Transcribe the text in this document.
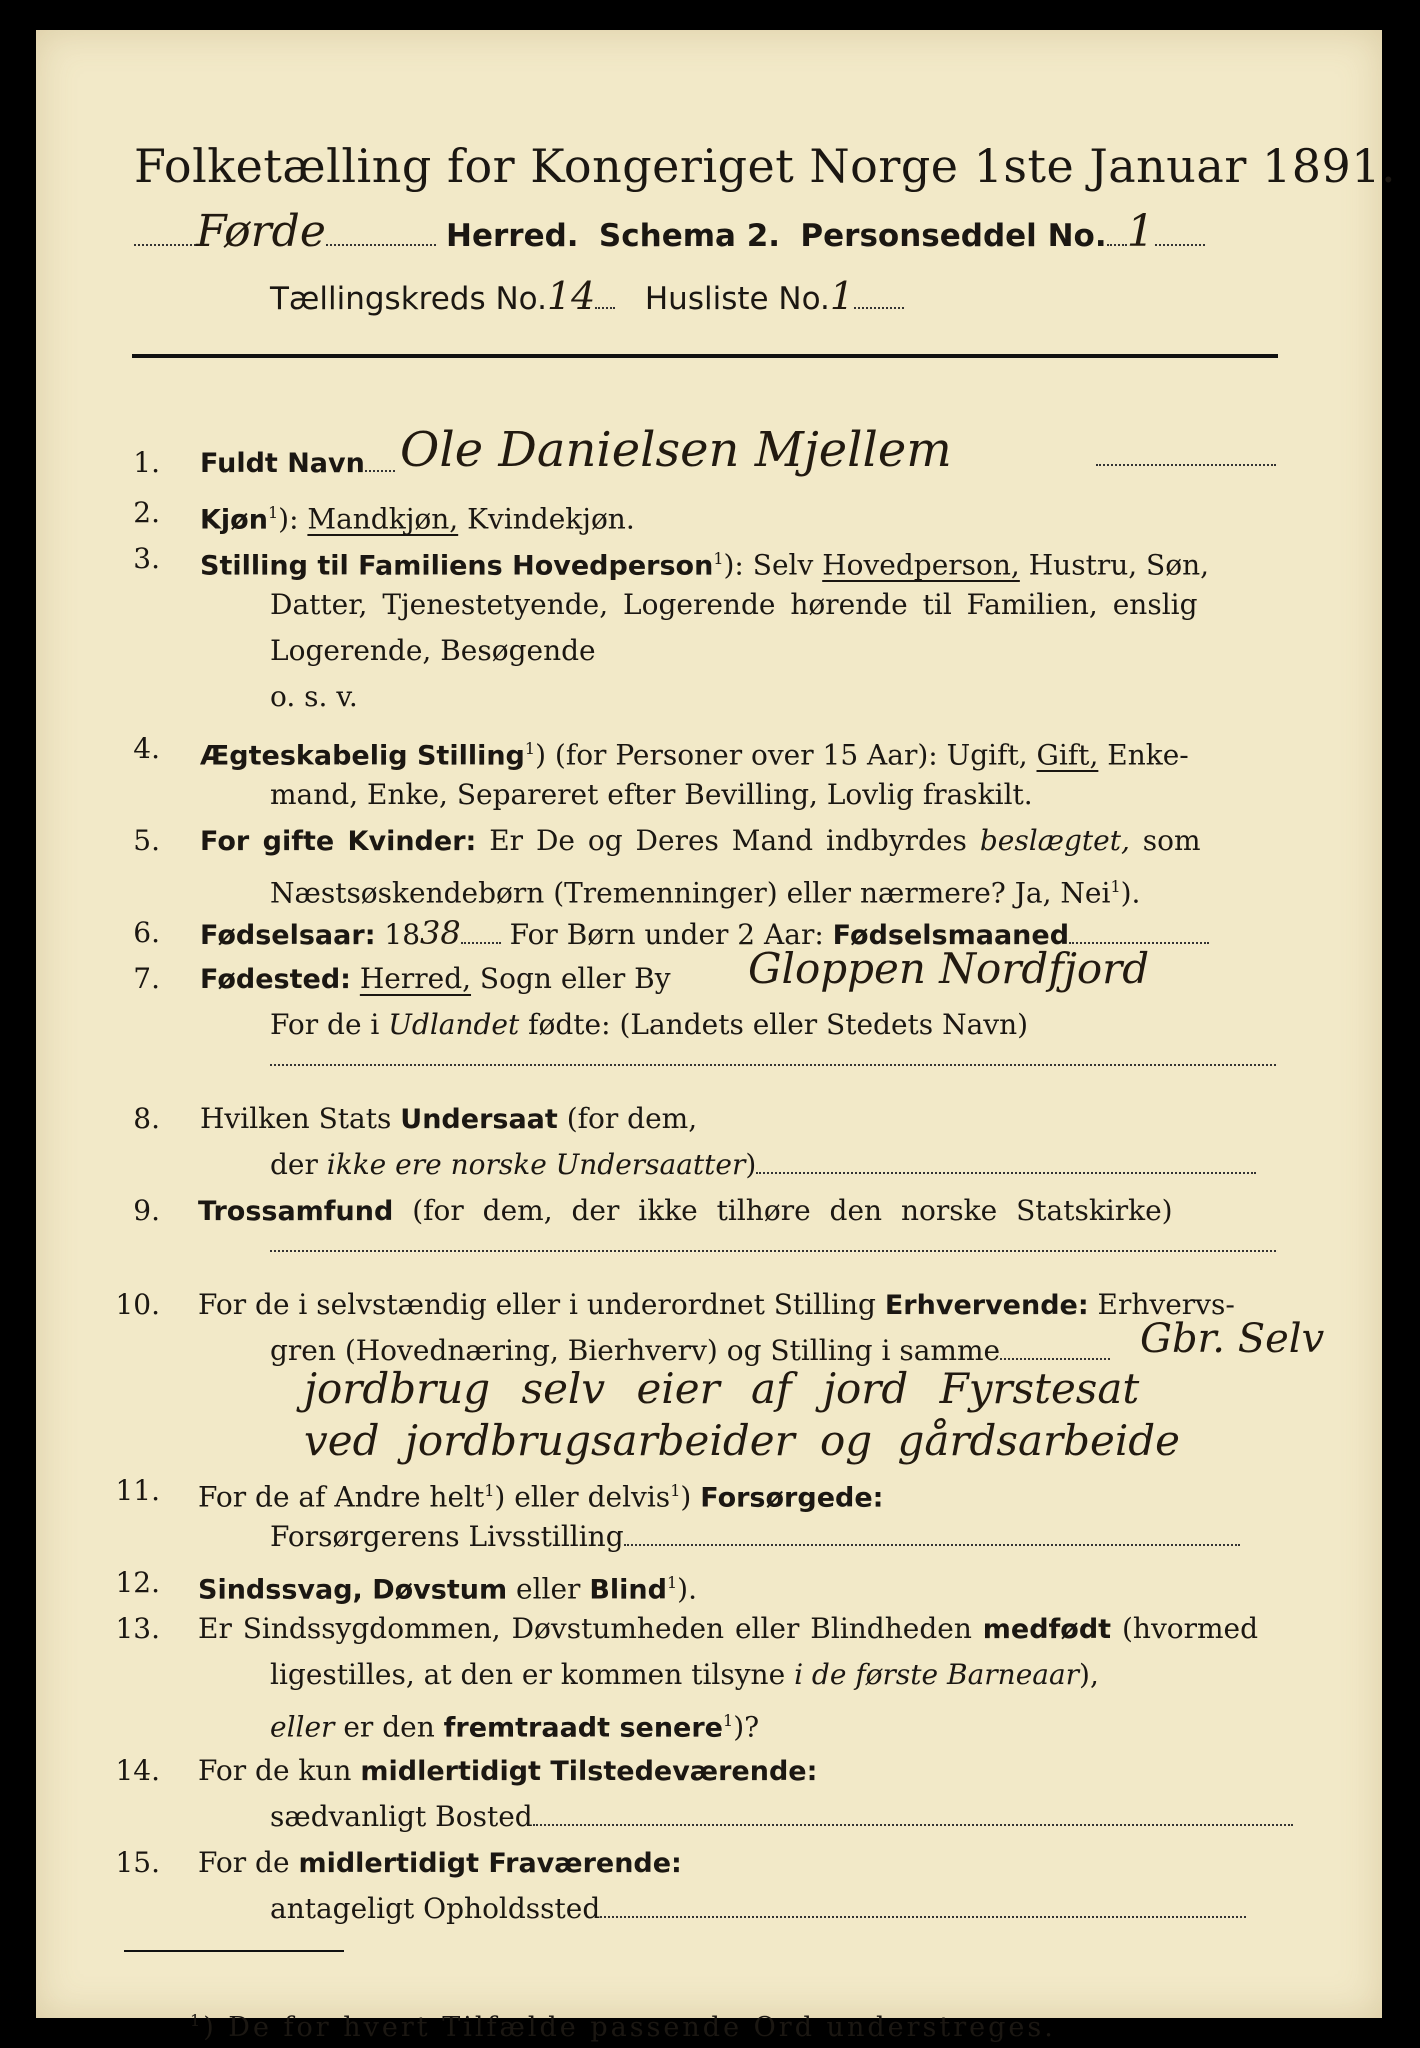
Folketælling for Kongeriget Norge 1ste Januar 1891.
Førde	Herred. Schema 2. Personseddel No. 1
Tællingskreds No.14 Husliste No.1
1. Fuldt Navn Ole Danielsen Mjellem
2. Kjøn$^1$): Mandkjøn, Kvindekjøn.
3. Stilling til Familiens Hovedperson$^1$): Selv Hovedperson, Hustru, Søn,
Datter, Tjenestetyende, Logerende hørende til Familien, enslig
Logerende, Besøgende
o. s. v.
4. Ægteskabelig Stilling$^1$) (for Personer over 15 Aar): Ugift, Gift, Enke-
mand, Enke, Separeret efter Bevilling, Lovlig fraskilt.
5. For gifte Kvinder: Er De og Deres Mand indbyrdes beslægtet, som
Næstsøskendebørn (Tremenninger) eller nærmere? Ja, Nei$^1$).
6. Fødselsaar: 1838 For Børn under 2 Aar: Fødselsmaaned
7. Fødested: Herred, Sogn eller By Gloppen Nordfjord
For de i Udlandet fødte: (Landets eller Stedets Navn)
8. Hvilken Stats Undersaat (for dem,
der ikke ere norske Undersaatter)
9. Trossamfund (for dem, der ikke tilhøre den norske Statskirke)
10. For de i selvstændig eller i underordnet Stilling Erhvervende: Erhvervs-
gren (Hovednæring, Bierhverv) og Stilling i samme	Gbr. Selv
jordbrug selv eier af jord Fyrstesat
ved jordbrugsarbeider og gårdsarbeide
11. For de af Andre helt$^1$) eller delvis$^1$) Forsørgede:
Forsørgerens Livsstilling
12. Sindssvag, Døvstum eller Blind$^1$).
13. Er Sindssygdommen, Døvstumheden eller Blindheden medfødt (hvormed
ligestilles, at den er kommen tilsyne i de første Barneaar),
eller er den fremtraadt senere$^1$)?
14. For de kun midlertidigt Tilstedeværende:
sædvanligt Bosted
15. For de midlertidigt Fraværende:
antageligt Opholdssted
$^1$) De for hvert Tilfælde passende Ord understreges.
